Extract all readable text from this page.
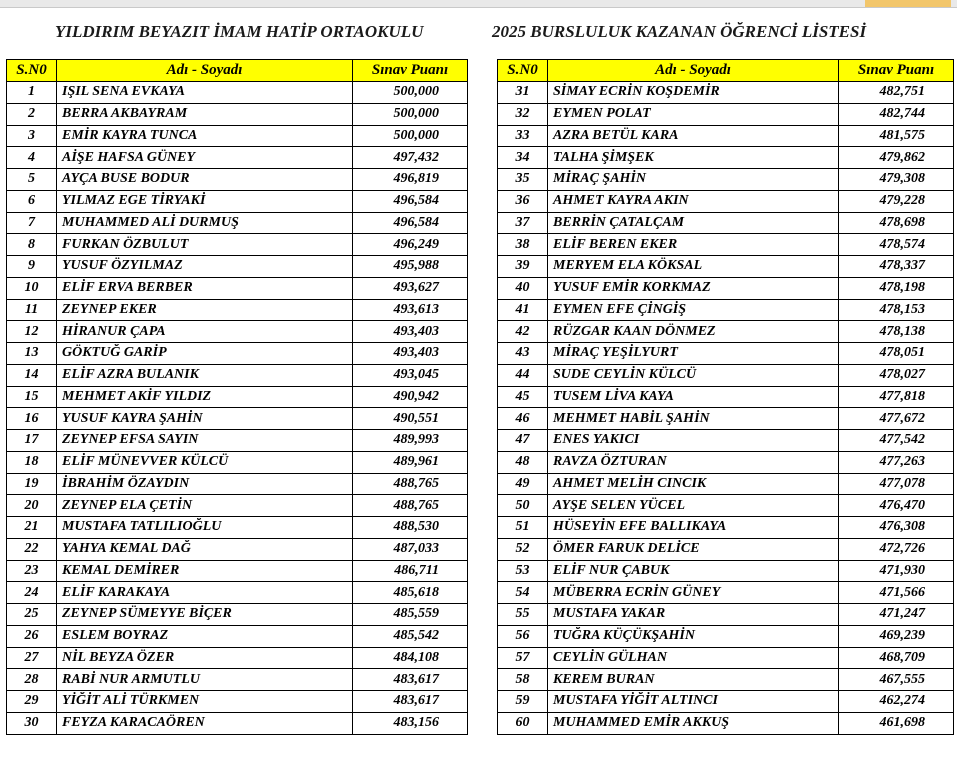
YILDIRIM BEYAZIT İMAM HATİP ORTAOKULU	2025 BURSLULUK KAZANAN ÖĞRENCİ LİSTESİ
S.N0	Adı - Soyadı	Sınav Puanı
1	IŞIL SENA EVKAYA	500,000
2	BERRA AKBAYRAM	500,000
3	EMİR KAYRA TUNCA	500,000
4	AİŞE HAFSA GÜNEY	497,432
5	AYÇA BUSE BODUR	496,819
6	YILMAZ EGE TİRYAKİ	496,584
7	MUHAMMED ALİ DURMUŞ	496,584
8	FURKAN ÖZBULUT	496,249
9	YUSUF ÖZYILMAZ	495,988
10	ELİF ERVA BERBER	493,627
11	ZEYNEP EKER	493,613
12	HİRANUR ÇAPA	493,403
13	GÖKTUĞ GARİP	493,403
14	ELİF AZRA BULANIK	493,045
15	MEHMET AKİF YILDIZ	490,942
16	YUSUF KAYRA ŞAHİN	490,551
17	ZEYNEP EFSA SAYIN	489,993
18	ELİF MÜNEVVER KÜLCÜ	489,961
19	İBRAHİM ÖZAYDIN	488,765
20	ZEYNEP ELA ÇETİN	488,765
21	MUSTAFA TATLILIOĞLU	488,530
22	YAHYA KEMAL DAĞ	487,033
23	KEMAL DEMİRER	486,711
24	ELİF KARAKAYA	485,618
25	ZEYNEP SÜMEYYE BİÇER	485,559
26	ESLEM BOYRAZ	485,542
27	NİL BEYZA ÖZER	484,108
28	RABİ NUR ARMUTLU	483,617
29	YİĞİT ALİ TÜRKMEN	483,617
30	FEYZA KARACAÖREN	483,156
S.N0	Adı - Soyadı	Sınav Puanı
31	SİMAY ECRİN KOŞDEMİR	482,751
32	EYMEN POLAT	482,744
33	AZRA BETÜL KARA	481,575
34	TALHA ŞİMŞEK	479,862
35	MİRAÇ ŞAHİN	479,308
36	AHMET KAYRA AKIN	479,228
37	BERRİN ÇATALÇAM	478,698
38	ELİF BEREN EKER	478,574
39	MERYEM ELA KÖKSAL	478,337
40	YUSUF EMİR KORKMAZ	478,198
41	EYMEN EFE ÇİNGİŞ	478,153
42	RÜZGAR KAAN DÖNMEZ	478,138
43	MİRAÇ YEŞİLYURT	478,051
44	SUDE CEYLİN KÜLCÜ	478,027
45	TUSEM LİVA KAYA	477,818
46	MEHMET HABİL ŞAHİN	477,672
47	ENES YAKICI	477,542
48	RAVZA ÖZTURAN	477,263
49	AHMET MELİH CINCIK	477,078
50	AYŞE SELEN YÜCEL	476,470
51	HÜSEYİN EFE BALLIKAYA	476,308
52	ÖMER FARUK DELİCE	472,726
53	ELİF NUR ÇABUK	471,930
54	MÜBERRA ECRİN GÜNEY	471,566
55	MUSTAFA YAKAR	471,247
56	TUĞRA KÜÇÜKŞAHİN	469,239
57	CEYLİN GÜLHAN	468,709
58	KEREM BURAN	467,555
59	MUSTAFA YİĞİT ALTINCI	462,274
60	MUHAMMED EMİR AKKUŞ	461,698
